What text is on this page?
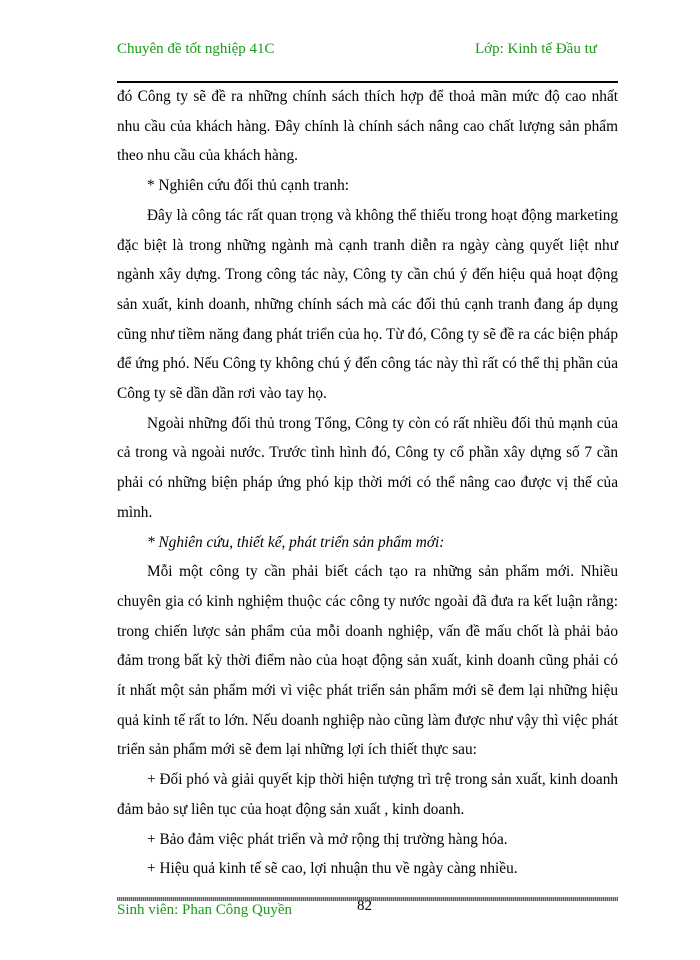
Chuyên đề tốt nghiệp 41C	Lớp: Kinh tế Đầu tư

đó Công ty sẽ đề ra những chính sách thích hợp để thoả mãn mức độ cao nhất nhu cầu của khách hàng. Đây chính là chính sách nâng cao chất lượng sản phẩm theo nhu cầu của khách hàng.

* Nghiên cứu đối thủ cạnh tranh:

Đây là công tác rất quan trọng và không thể thiếu trong hoạt động marketing đặc biệt là trong những ngành mà cạnh tranh diễn ra ngày càng quyết liệt như ngành xây dựng. Trong công tác này, Công ty cần chú ý đến hiệu quả hoạt động sản xuất, kinh doanh, những chính sách mà các đối thủ cạnh tranh đang áp dụng cũng như tiềm năng đang phát triển của họ. Từ đó, Công ty sẽ đề ra các biện pháp để ứng phó. Nếu Công ty không chú ý đến công tác này thì rất có thể thị phần của Công ty sẽ dần dần rơi vào tay họ.

Ngoài những đối thủ trong Tổng, Công ty còn có rất nhiều đối thủ mạnh của cả trong và ngoài nước. Trước tình hình đó, Công ty cổ phần xây dựng số 7 cần phải có những biện pháp ứng phó kịp thời mới có thể nâng cao được vị thế của mình.

* Nghiên cứu, thiết kế, phát triển sản phẩm mới:

Mỗi một công ty cần phải biết cách tạo ra những sản phẩm mới. Nhiều chuyên gia có kinh nghiệm thuộc các công ty nước ngoài đã đưa ra kết luận rằng: trong chiến lược sản phẩm của mỗi doanh nghiệp, vấn đề mấu chốt là phải bảo đảm trong bất kỳ thời điểm nào của hoạt động sản xuất, kinh doanh cũng phải có ít nhất một sản phẩm mới vì việc phát triển sản phẩm mới sẽ đem lại những hiệu quả kinh tế rất to lớn. Nếu doanh nghiệp nào cũng làm được như vậy thì việc phát triển sản phẩm mới sẽ đem lại những lợi ích thiết thực sau:

+ Đối phó và giải quyết kịp thời hiện tượng trì trệ trong sản xuất, kinh doanh đảm bảo sự liên tục của hoạt động sản xuất , kinh doanh.

+ Bảo đảm việc phát triển và mở rộng thị trường hàng hóa.

+ Hiệu quả kinh tế sẽ cao, lợi nhuận thu về ngày càng nhiều.

Sinh viên: Phan Công Quyền	82
